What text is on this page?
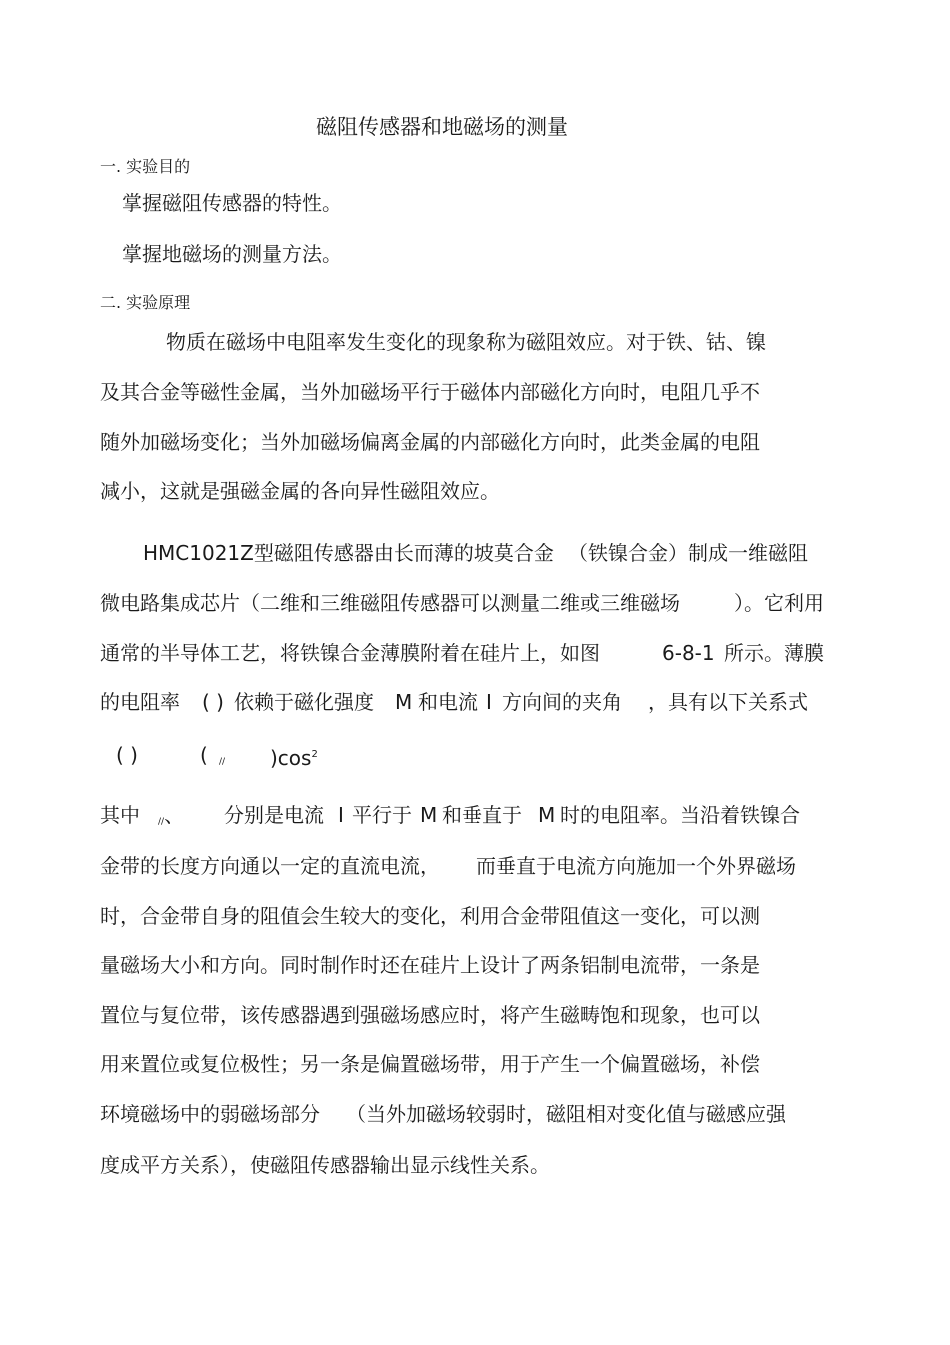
磁阻传感器和地磁场的测量
一. 实验目的
掌握磁阻传感器的特性。
掌握地磁场的测量方法。
二. 实验原理
物质在磁场中电阻率发生变化的现象称为磁阻效应。对于铁、钴、镍
及其合金等磁性金属，当外加磁场平行于磁体内部磁化方向时，电阻几乎不
随外加磁场变化；当外加磁场偏离金属的内部磁化方向时，此类金属的电阻
减小，这就是强磁金属的各向异性磁阻效应。
HMC1021Z型磁阻传感器由长而薄的坡莫合金 （铁镍合金）制成一维磁阻
微电路集成芯片（二维和三维磁阻传感器可以测量二维或三维磁场	）。它利用
通常的半导体工艺，将铁镍合金薄膜附着在硅片上，如图	6-8-1 所示。薄膜
的电阻率 ( ) 依赖于磁化强度 M 和电流 I 方向间的夹角 ，具有以下关系式
( )	( // )$\cos^2$
其中 //、 分别是电流 I 平行于 M 和垂直于 M 时的电阻率。当沿着铁镍合
金带的长度方向通以一定的直流电流， 而垂直于电流方向施加一个外界磁场
时，合金带自身的阻值会生较大的变化，利用合金带阻值这一变化，可以测
量磁场大小和方向。同时制作时还在硅片上设计了两条铝制电流带，一条是
置位与复位带，该传感器遇到强磁场感应时，将产生磁畴饱和现象，也可以
用来置位或复位极性；另一条是偏置磁场带，用于产生一个偏置磁场，补偿
环境磁场中的弱磁场部分 （当外加磁场较弱时，磁阻相对变化值与磁感应强
度成平方关系），使磁阻传感器输出显示线性关系。
